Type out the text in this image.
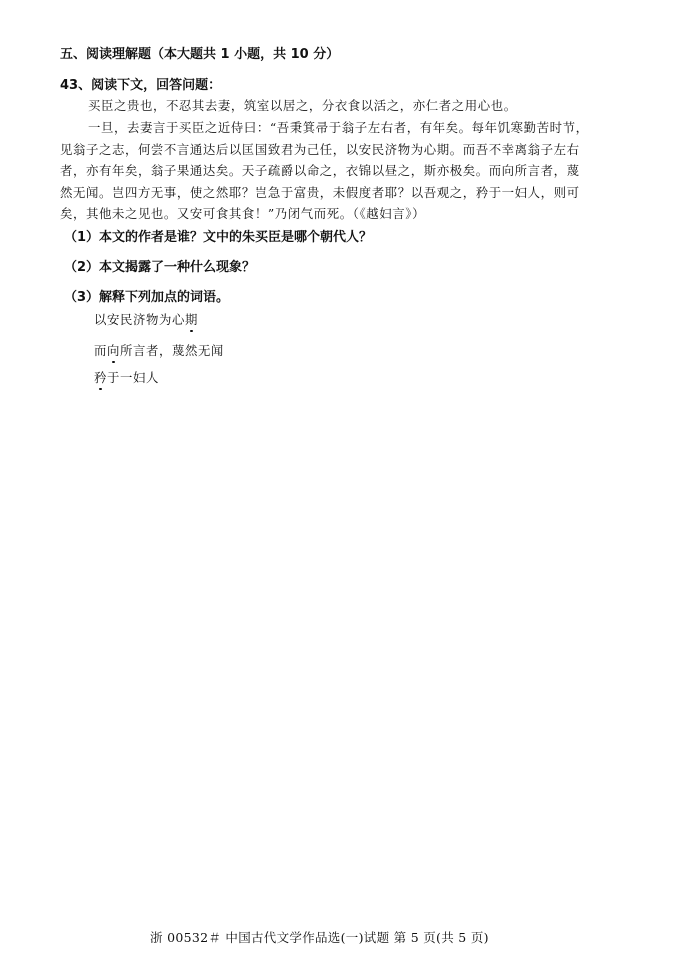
五、阅读理解题（本大题共 1 小题，共 10 分）
43、阅读下文，回答问题：
买臣之贵也，不忍其去妻，筑室以居之，分衣食以活之，亦仁者之用心也。
一旦，去妻言于买臣之近侍曰：“吾秉箕帚于翁子左右者，有年矣。每年饥寒勤苦时节，
见翁子之志，何尝不言通达后以匡国致君为己任，以安民济物为心期。而吾不幸离翁子左右
者，亦有年矣，翁子果通达矣。天子疏爵以命之，衣锦以昼之，斯亦极矣。而向所言者，蔑
然无闻。岂四方无事，使之然耶？岂急于富贵，未假度者耶？以吾观之，矜于一妇人，则可
矣，其他未之见也。又安可食其食！”乃闭气而死。（《越妇言》）
（1）本文的作者是谁？文中的朱买臣是哪个朝代人？
（2）本文揭露了一种什么现象？
（3）解释下列加点的词语。
以安民济物为心期
而向所言者，蔑然无闻
矜于一妇人
浙 00532＃ 中国古代文学作品选(一)试题 第 5 页(共 5 页)
